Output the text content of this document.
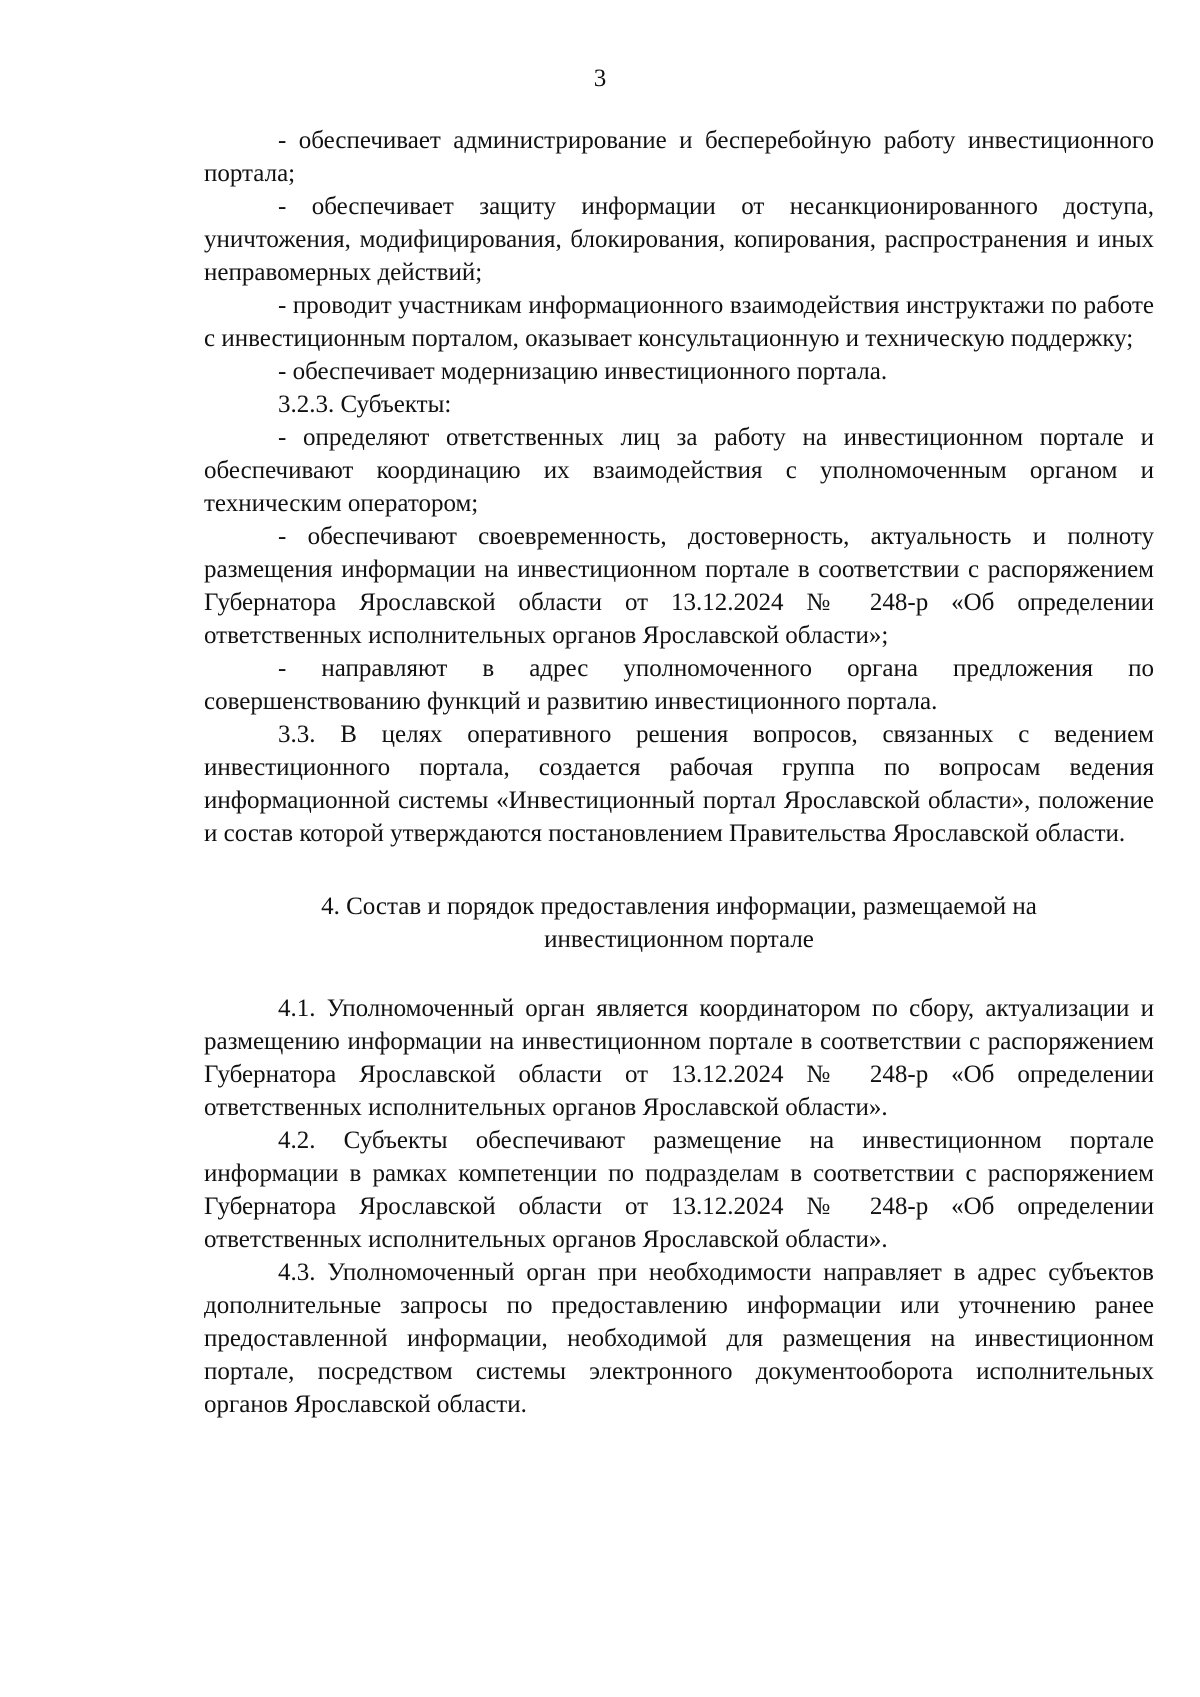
3

- обеспечивает администрирование и бесперебойную работу инвестиционного портала;

- обеспечивает защиту информации от несанкционированного доступа, уничтожения, модифицирования, блокирования, копирования, распространения и иных неправомерных действий;

- проводит участникам информационного взаимодействия инструктажи по работе с инвестиционным порталом, оказывает консультационную и техническую поддержку;

- обеспечивает модернизацию инвестиционного портала.

3.2.3. Субъекты:

- определяют ответственных лиц за работу на инвестиционном портале и обеспечивают координацию их взаимодействия с уполномоченным органом и техническим оператором;

- обеспечивают своевременность, достоверность, актуальность и полноту размещения информации на инвестиционном портале в соответствии с распоряжением Губернатора Ярославской области от 13.12.2024 № 248-р «Об определении ответственных исполнительных органов Ярославской области»;

- направляют в адрес уполномоченного органа предложения по совершенствованию функций и развитию инвестиционного портала.

3.3. В целях оперативного решения вопросов, связанных с ведением инвестиционного портала, создается рабочая группа по вопросам ведения информационной системы «Инвестиционный портал Ярославской области», положение и состав которой утверждаются постановлением Правительства Ярославской области.

4. Состав и порядок предоставления информации, размещаемой на инвестиционном портале

4.1. Уполномоченный орган является координатором по сбору, актуализации и размещению информации на инвестиционном портале в соответствии с распоряжением Губернатора Ярославской области от 13.12.2024 № 248-р «Об определении ответственных исполнительных органов Ярославской области».

4.2. Субъекты обеспечивают размещение на инвестиционном портале информации в рамках компетенции по подразделам в соответствии с распоряжением Губернатора Ярославской области от 13.12.2024 № 248-р «Об определении ответственных исполнительных органов Ярославской области».

4.3. Уполномоченный орган при необходимости направляет в адрес субъектов дополнительные запросы по предоставлению информации или уточнению ранее предоставленной информации, необходимой для размещения на инвестиционном портале, посредством системы электронного документооборота исполнительных органов Ярославской области.
